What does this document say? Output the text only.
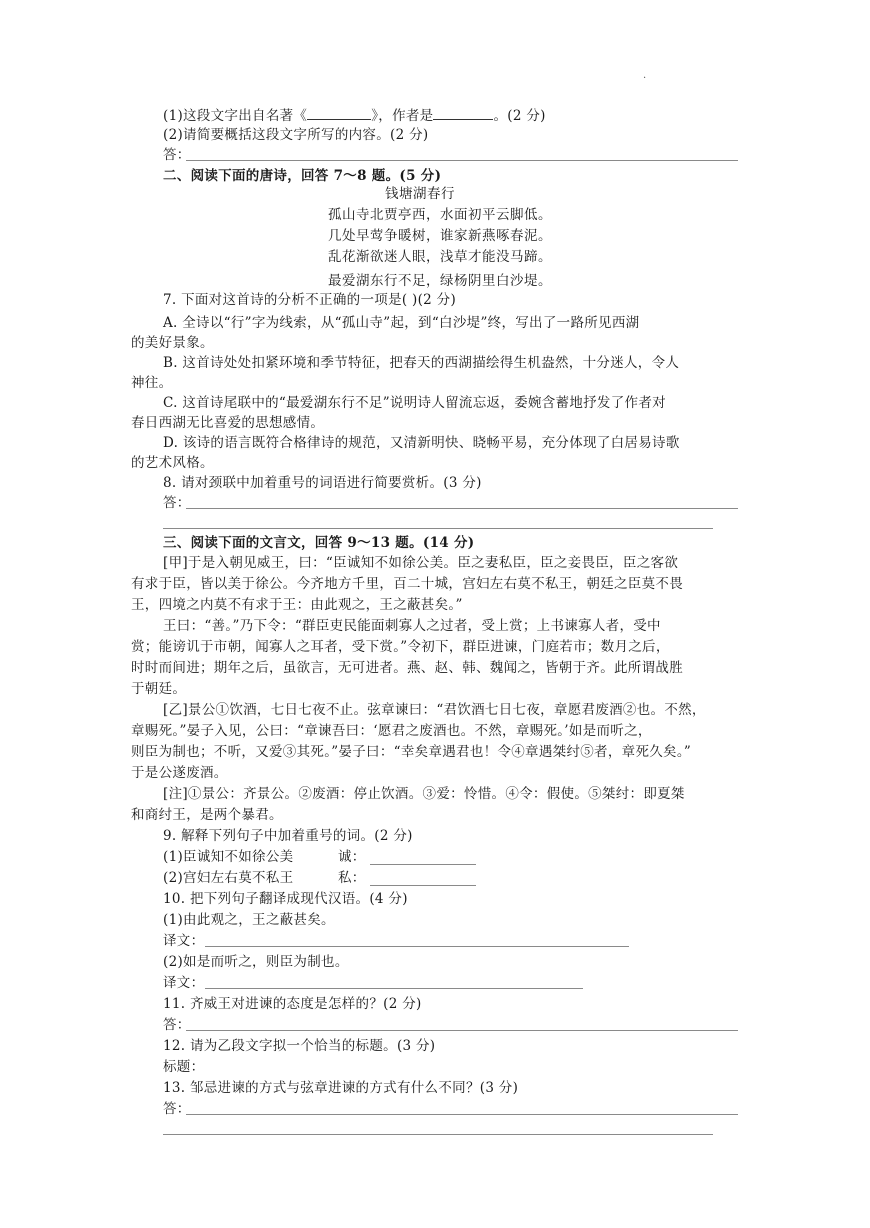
.
(1)这段文字出自名著《	》，作者是	。(2 分)
(2)请简要概括这段文字所写的内容。(2 分)
答：
二、阅读下面的唐诗，回答 7～8 题。(5 分)
钱塘湖春行
孤山寺北贾亭西，水面初平云脚低。
几处早莺争暖树，谁家新燕啄春泥。
乱花渐欲迷人眼，浅草才能没马蹄。
最爱湖东行不足，绿杨阴里白沙堤。
7. 下面对这首诗的分析不正确的一项是( )(2 分)
A. 全诗以“行”字为线索，从“孤山寺”起，到“白沙堤”终，写出了一路所见西湖
的美好景象。
B. 这首诗处处扣紧环境和季节特征，把春天的西湖描绘得生机盎然，十分迷人，令人
神往。
C. 这首诗尾联中的“最爱湖东行不足”说明诗人留流忘返，委婉含蓄地抒发了作者对
春日西湖无比喜爱的思想感情。
D. 该诗的语言既符合格律诗的规范，又清新明快、晓畅平易，充分体现了白居易诗歌
的艺术风格。
8. 请对颈联中加着重号的词语进行简要赏析。(3 分)
答：
三、阅读下面的文言文，回答 9～13 题。(14 分)
[甲]于是入朝见威王，曰：“臣诚知不如徐公美。臣之妻私臣，臣之妾畏臣，臣之客欲
有求于臣，皆以美于徐公。今齐地方千里，百二十城，宫妇左右莫不私王，朝廷之臣莫不畏
王，四境之内莫不有求于王：由此观之，王之蔽甚矣。”
王曰：“善。”乃下令：“群臣吏民能面刺寡人之过者，受上赏；上书谏寡人者，受中
赏；能谤讥于市朝，闻寡人之耳者，受下赏。”令初下，群臣进谏，门庭若市；数月之后，
时时而间进；期年之后，虽欲言，无可进者。燕、赵、韩、魏闻之，皆朝于齐。此所谓战胜
于朝廷。
[乙]景公①饮酒，七日七夜不止。弦章谏曰：“君饮酒七日七夜，章愿君废酒②也。不然，
章赐死。”晏子入见，公曰：“章谏吾曰：‘愿君之废酒也。不然，章赐死。’如是而听之，
则臣为制也；不听，又爱③其死。”晏子曰：“幸矣章遇君也！令④章遇桀纣⑤者，章死久矣。”
于是公遂废酒。
[注]①景公：齐景公。②废酒：停止饮酒。③爱：怜惜。④令：假使。⑤桀纣：即夏桀
和商纣王，是两个暴君。
9. 解释下列句子中加着重号的词。(2 分)
(1)臣诚知不如徐公美	诚：
(2)宫妇左右莫不私王	私：
10. 把下列句子翻译成现代汉语。(4 分)
(1)由此观之，王之蔽甚矣。
译文：
(2)如是而听之，则臣为制也。
译文：
11. 齐威王对进谏的态度是怎样的？(2 分)
答：
12. 请为乙段文字拟一个恰当的标题。(3 分)
标题：
13. 邹忌进谏的方式与弦章进谏的方式有什么不同？(3 分)
答：
